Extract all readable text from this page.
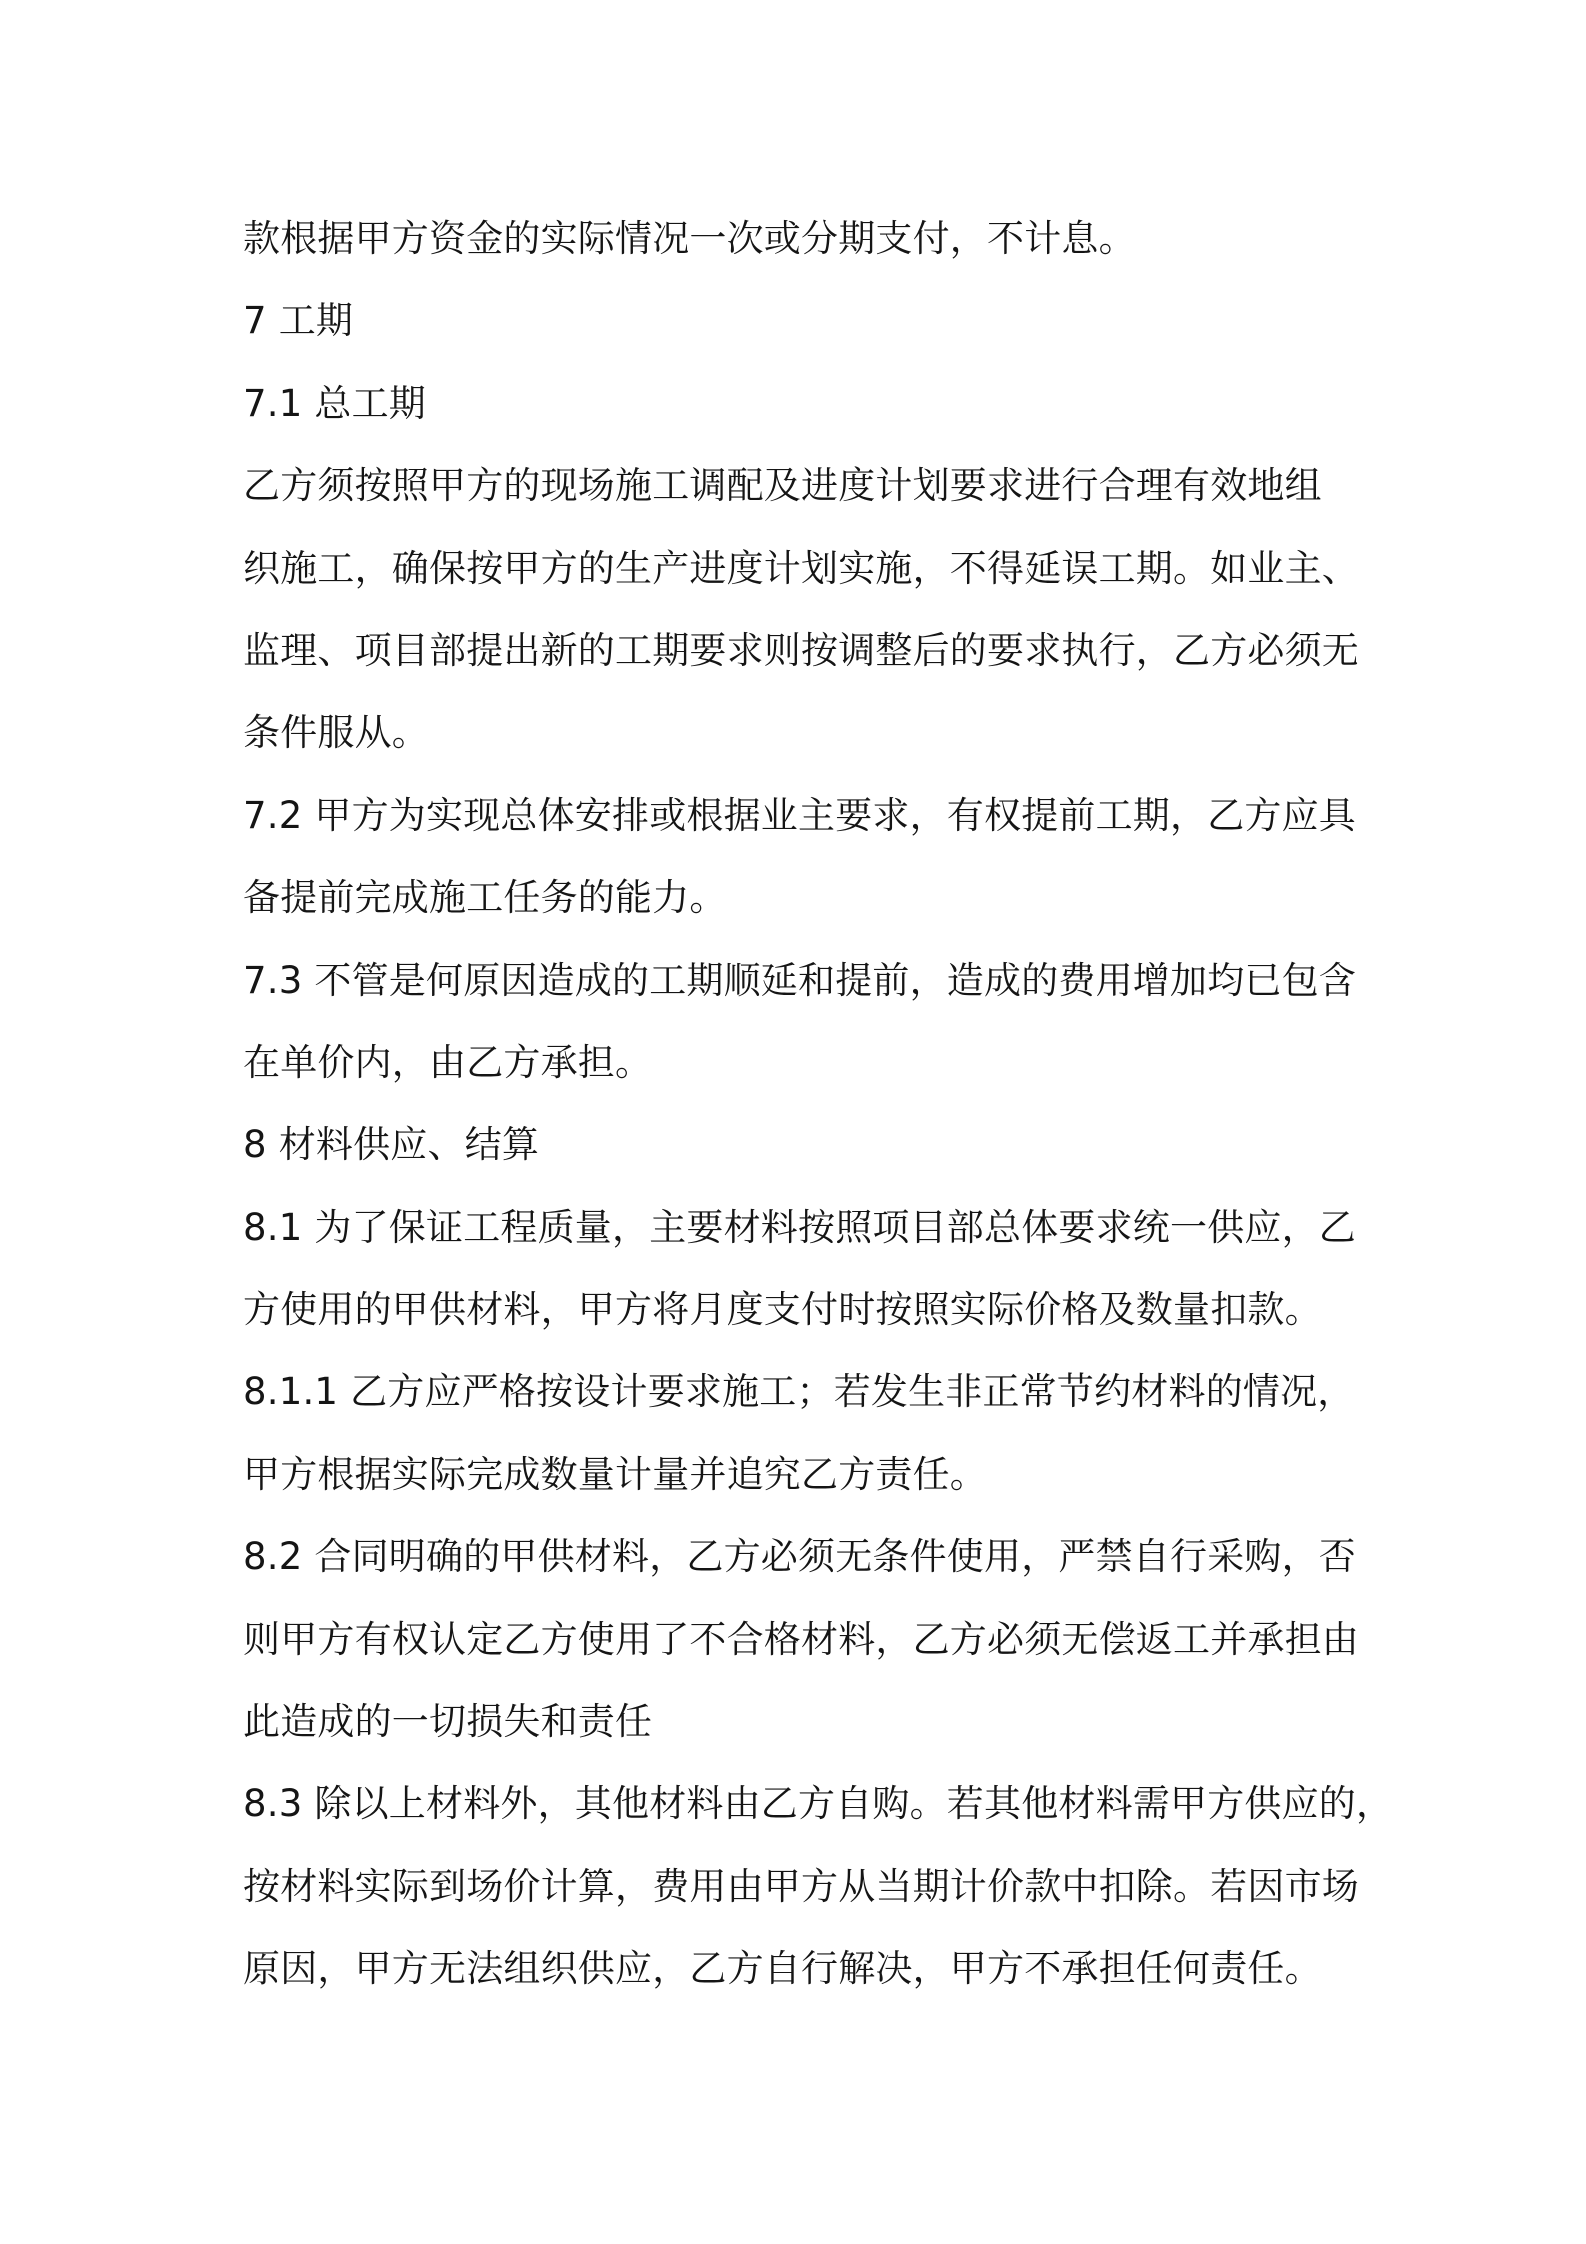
款根据甲方资金的实际情况一次或分期支付，不计息。
7 工期
7.1 总工期
乙方须按照甲方的现场施工调配及进度计划要求进行合理有效地组
织施工，确保按甲方的生产进度计划实施，不得延误工期。如业主、
监理、项目部提出新的工期要求则按调整后的要求执行，乙方必须无
条件服从。
7.2 甲方为实现总体安排或根据业主要求，有权提前工期，乙方应具
备提前完成施工任务的能力。
7.3 不管是何原因造成的工期顺延和提前，造成的费用增加均已包含
在单价内，由乙方承担。
8 材料供应、结算
8.1 为了保证工程质量，主要材料按照项目部总体要求统一供应，乙
方使用的甲供材料，甲方将月度支付时按照实际价格及数量扣款。
8.1.1 乙方应严格按设计要求施工；若发生非正常节约材料的情况，
甲方根据实际完成数量计量并追究乙方责任。
8.2 合同明确的甲供材料，乙方必须无条件使用，严禁自行采购，否
则甲方有权认定乙方使用了不合格材料，乙方必须无偿返工并承担由
此造成的一切损失和责任
8.3 除以上材料外，其他材料由乙方自购。若其他材料需甲方供应的，
按材料实际到场价计算，费用由甲方从当期计价款中扣除。若因市场
原因，甲方无法组织供应，乙方自行解决，甲方不承担任何责任。
